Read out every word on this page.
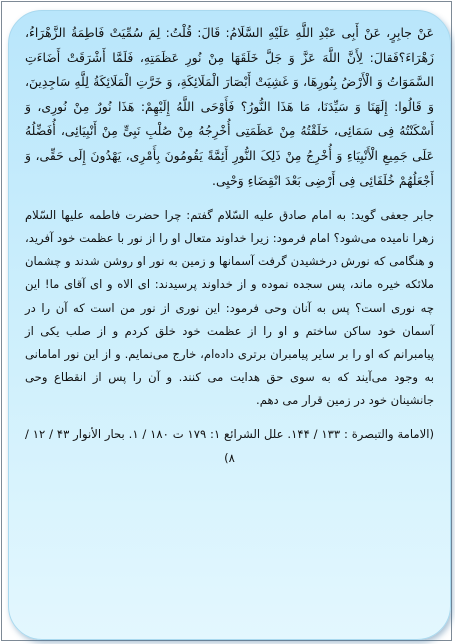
عَنْ جابِرٍ، عَنْ أَبِی عَبْدِ اللَّهِ عَلَیْهِ السَّلَامُ: قَالَ: قُلْتُ: لِمَ سُمِّیَتْ فَاطِمَةُ الزَّهْرَاءُ، زَهْرَاءَ؟فَقالَ: لِأَنَّ اللَّهَ عَزَّ وَ جَلَّ خَلَقَهَا مِنْ نُورِ عَظَمَتِهِ، فَلَمَّا أَشْرَقَتْ أَضَاءَتِ السَّمَوَاتُ وَ الْأَرْضُ بِنُورِهَا، وَ غَشِیَتْ أَبْصَارَ الْمَلَائِکَةِ، وَ خَرَّتِ الْمَلَائِکَةُ لِلَّهِ سَاجِدِینَ، وَ قَالُوا: إِلَهَنَا وَ سَیِّدَنَا، مَا هَذَا النُّورُ؟ فَأَوْحَی اللَّهُ إِلَیْهِمْ: هَذَا نُورٌ مِنْ نُورِی، وَ أَسْکَنْتُهُ فِی سَمَائِی، خَلَقْتُهُ مِنْ عَظَمَتِی أُخْرِجُهُ مِنْ صُلْبِ نَبِیٍّ مِنْ أَنْبِیَائِی، أُفَضِّلُهُ عَلَی جَمِیعِ الْأَنْبِیَاءِ وَ أُخْرِجُ مِنْ ذَلِکَ النُّورِ أَئِمَّةً یَقُومُونَ بِأَمْرِی، یَهْدُونَ إِلَی حَقِّی، وَ أَجْعَلُهُمْ خُلَفَائِی فِی أَرْضِی بَعْدَ انْقِضَاءِ وَحْیِی.

جابر جعفی گوید: به امام صادق علیه السّلام گفتم: چرا حضرت فاطمه علیها السّلام زهرا نامیده می‌شود؟ امام فرمود: زیرا خداوند متعال او را از نور با عظمت خود آفرید، و هنگامی که نورش درخشیدن گرفت آسمانها و زمین به نور او روشن شدند و چشمان ملائکه خیره ماند، پس سجده نموده و از خداوند پرسیدند: ای الاه و ای آقای ما! این چه نوری است؟ پس به آنان وحی فرمود: این نوری از نور من است که آن را در آسمان خود ساکن ساختم و او را از عظمت خود خلق کردم و از صلب یکی از پیامبرانم که او را بر سایر پیامبران برتری داده‌ام، خارج می‌نمایم. و از این نور امامانی به وجود می‌آیند که به سوی حق هدایت می کنند. و آن را پس از انقطاع وحی جانشینان خود در زمین قرار می دهم.

(الامامة والتبصرة : ۱۳۳ / ۱۴۴. علل الشرائع ۱: ۱۷۹ ت ۱۸۰ / ۱. بحار الأنوار ۴۳ / ۱۲ / ۸)
